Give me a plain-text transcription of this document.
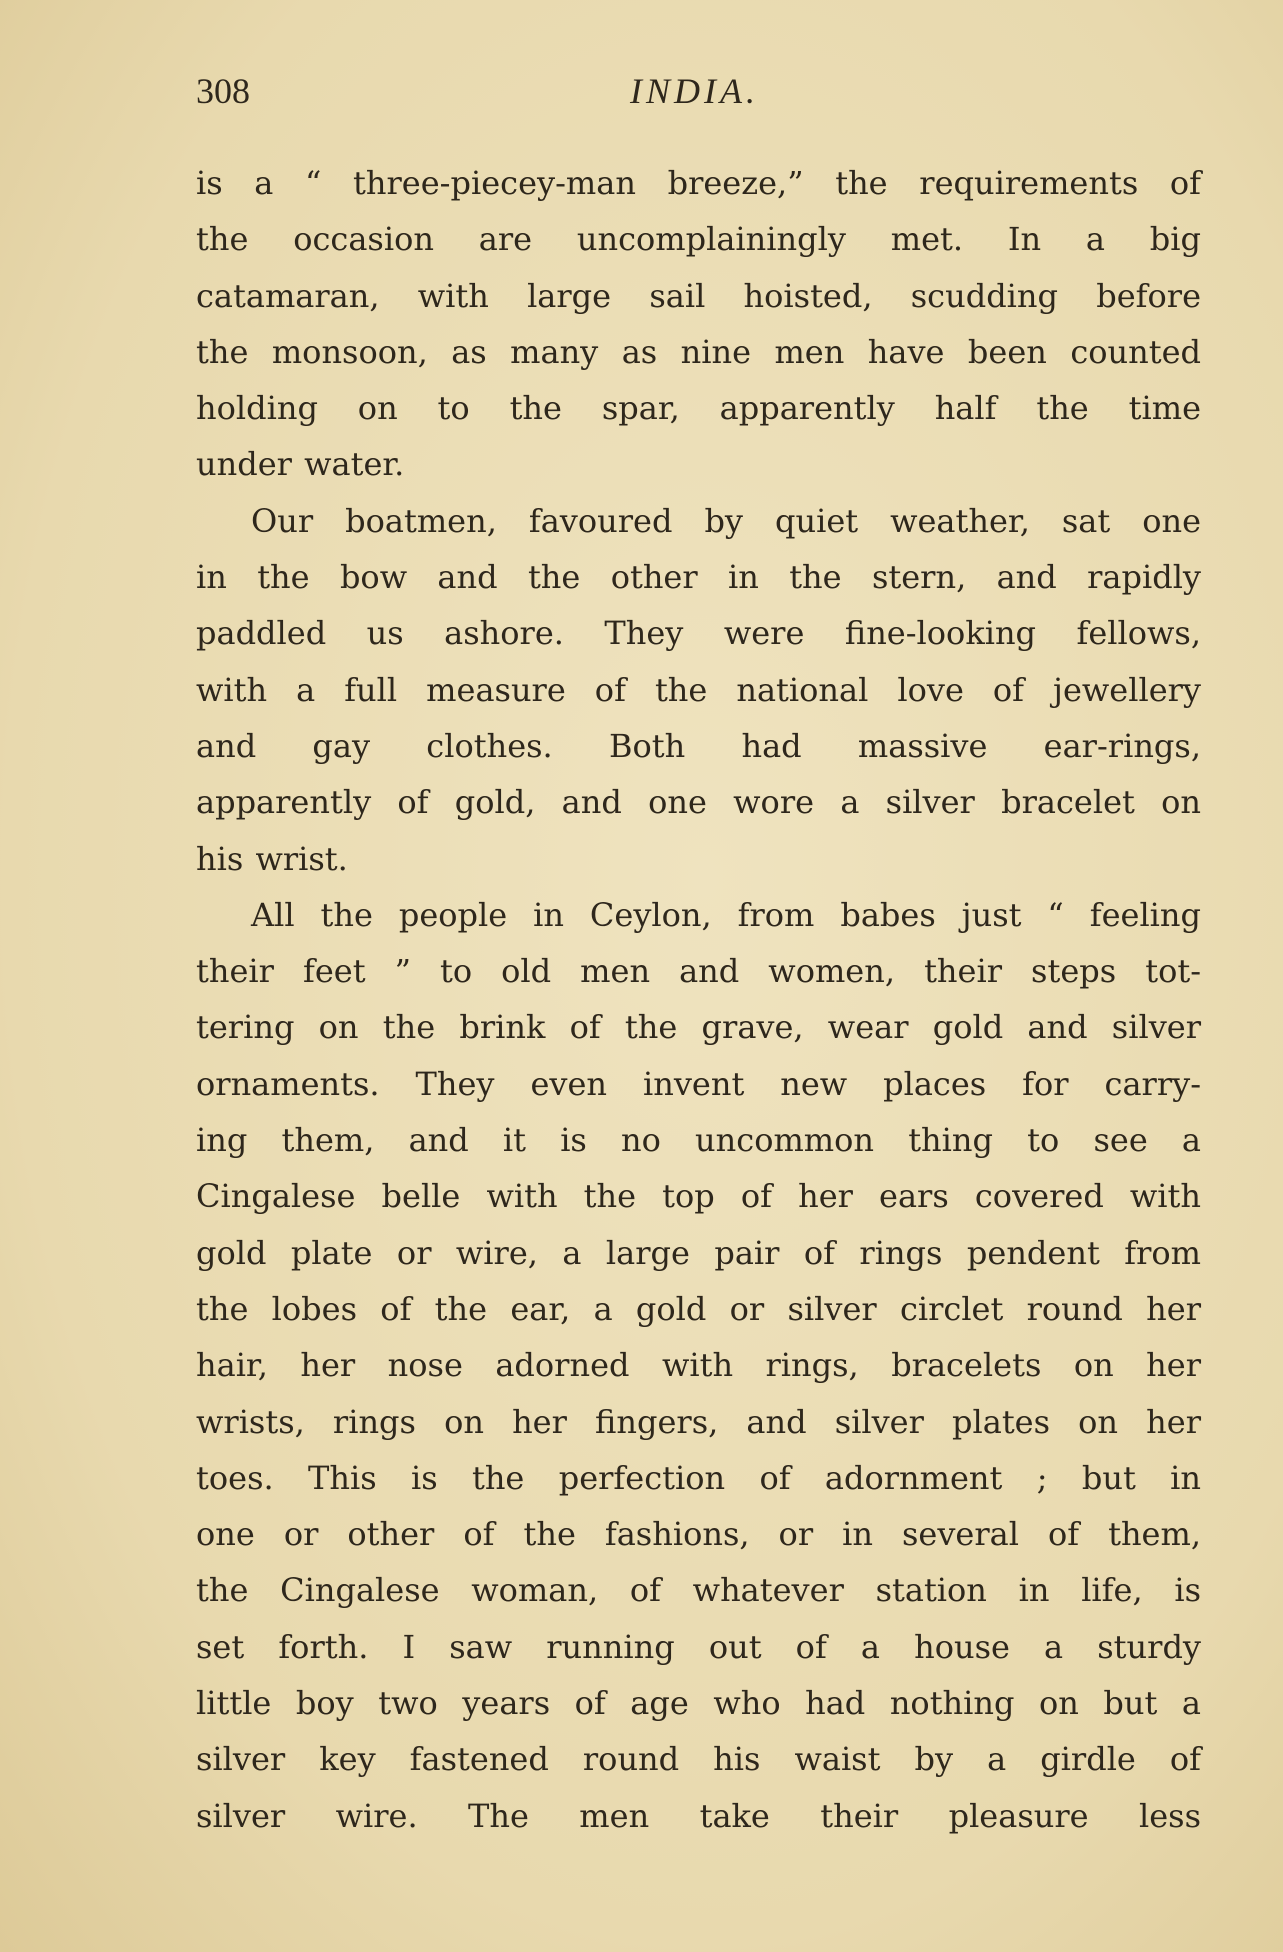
308	INDIA.
is a “ three-piecey-man breeze,” the requirements of
the occasion are uncomplainingly met. In a big
catamaran, with large sail hoisted, scudding before
the monsoon, as many as nine men have been counted
holding on to the spar, apparently half the time
under water.
Our boatmen, favoured by quiet weather, sat one
in the bow and the other in the stern, and rapidly
paddled us ashore. They were fine-looking fellows,
with a full measure of the national love of jewellery
and gay clothes. Both had massive ear-rings,
apparently of gold, and one wore a silver bracelet on
his wrist.
All the people in Ceylon, from babes just “ feeling
their feet ” to old men and women, their steps tot-
tering on the brink of the grave, wear gold and silver
ornaments. They even invent new places for carry-
ing them, and it is no uncommon thing to see a
Cingalese belle with the top of her ears covered with
gold plate or wire, a large pair of rings pendent from
the lobes of the ear, a gold or silver circlet round her
hair, her nose adorned with rings, bracelets on her
wrists, rings on her fingers, and silver plates on her
toes. This is the perfection of adornment ; but in
one or other of the fashions, or in several of them,
the Cingalese woman, of whatever station in life, is
set forth. I saw running out of a house a sturdy
little boy two years of age who had nothing on but a
silver key fastened round his waist by a girdle of
silver wire. The men take their pleasure less
